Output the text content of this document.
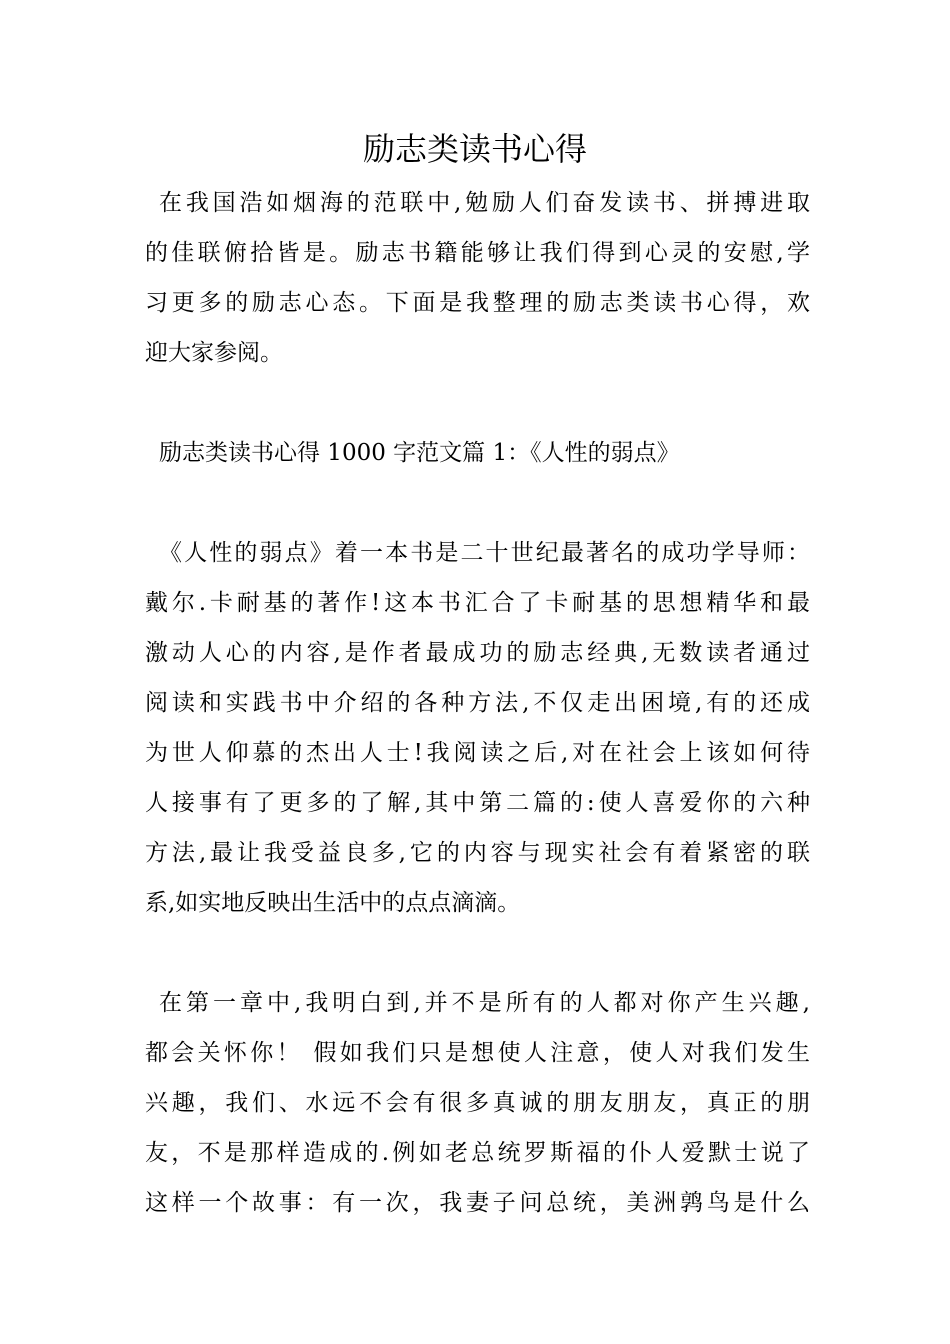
励志类读书心得
在我国浩如烟海的范联中,勉励人们奋发读书、拼搏进取
的佳联俯拾皆是。励志书籍能够让我们得到心灵的安慰,学
习更多的励志心态。下面是我整理的励志类读书心得，欢
迎大家参阅。
励志类读书心得 1000 字范文篇 1：《人性的弱点》
《人性的弱点》着一本书是二十世纪最著名的成功学导师：
戴尔.卡耐基的著作!这本书汇合了卡耐基的思想精华和最
激动人心的内容,是作者最成功的励志经典,无数读者通过
阅读和实践书中介绍的各种方法,不仅走出困境,有的还成
为世人仰慕的杰出人士!我阅读之后,对在社会上该如何待
人接事有了更多的了解,其中第二篇的:使人喜爱你的六种
方法,最让我受益良多,它的内容与现实社会有着紧密的联
系,如实地反映出生活中的点点滴滴。
在第一章中,我明白到,并不是所有的人都对你产生兴趣,
都会关怀你！ 假如我们只是想使人注意，使人对我们发生
兴趣，我们、水远不会有很多真诚的朋友朋友，真正的朋
友，不是那样造成的.例如老总统罗斯福的仆人爱默士说了
这样一个故事：有一次，我妻子问总统，美洲鹑鸟是什么
